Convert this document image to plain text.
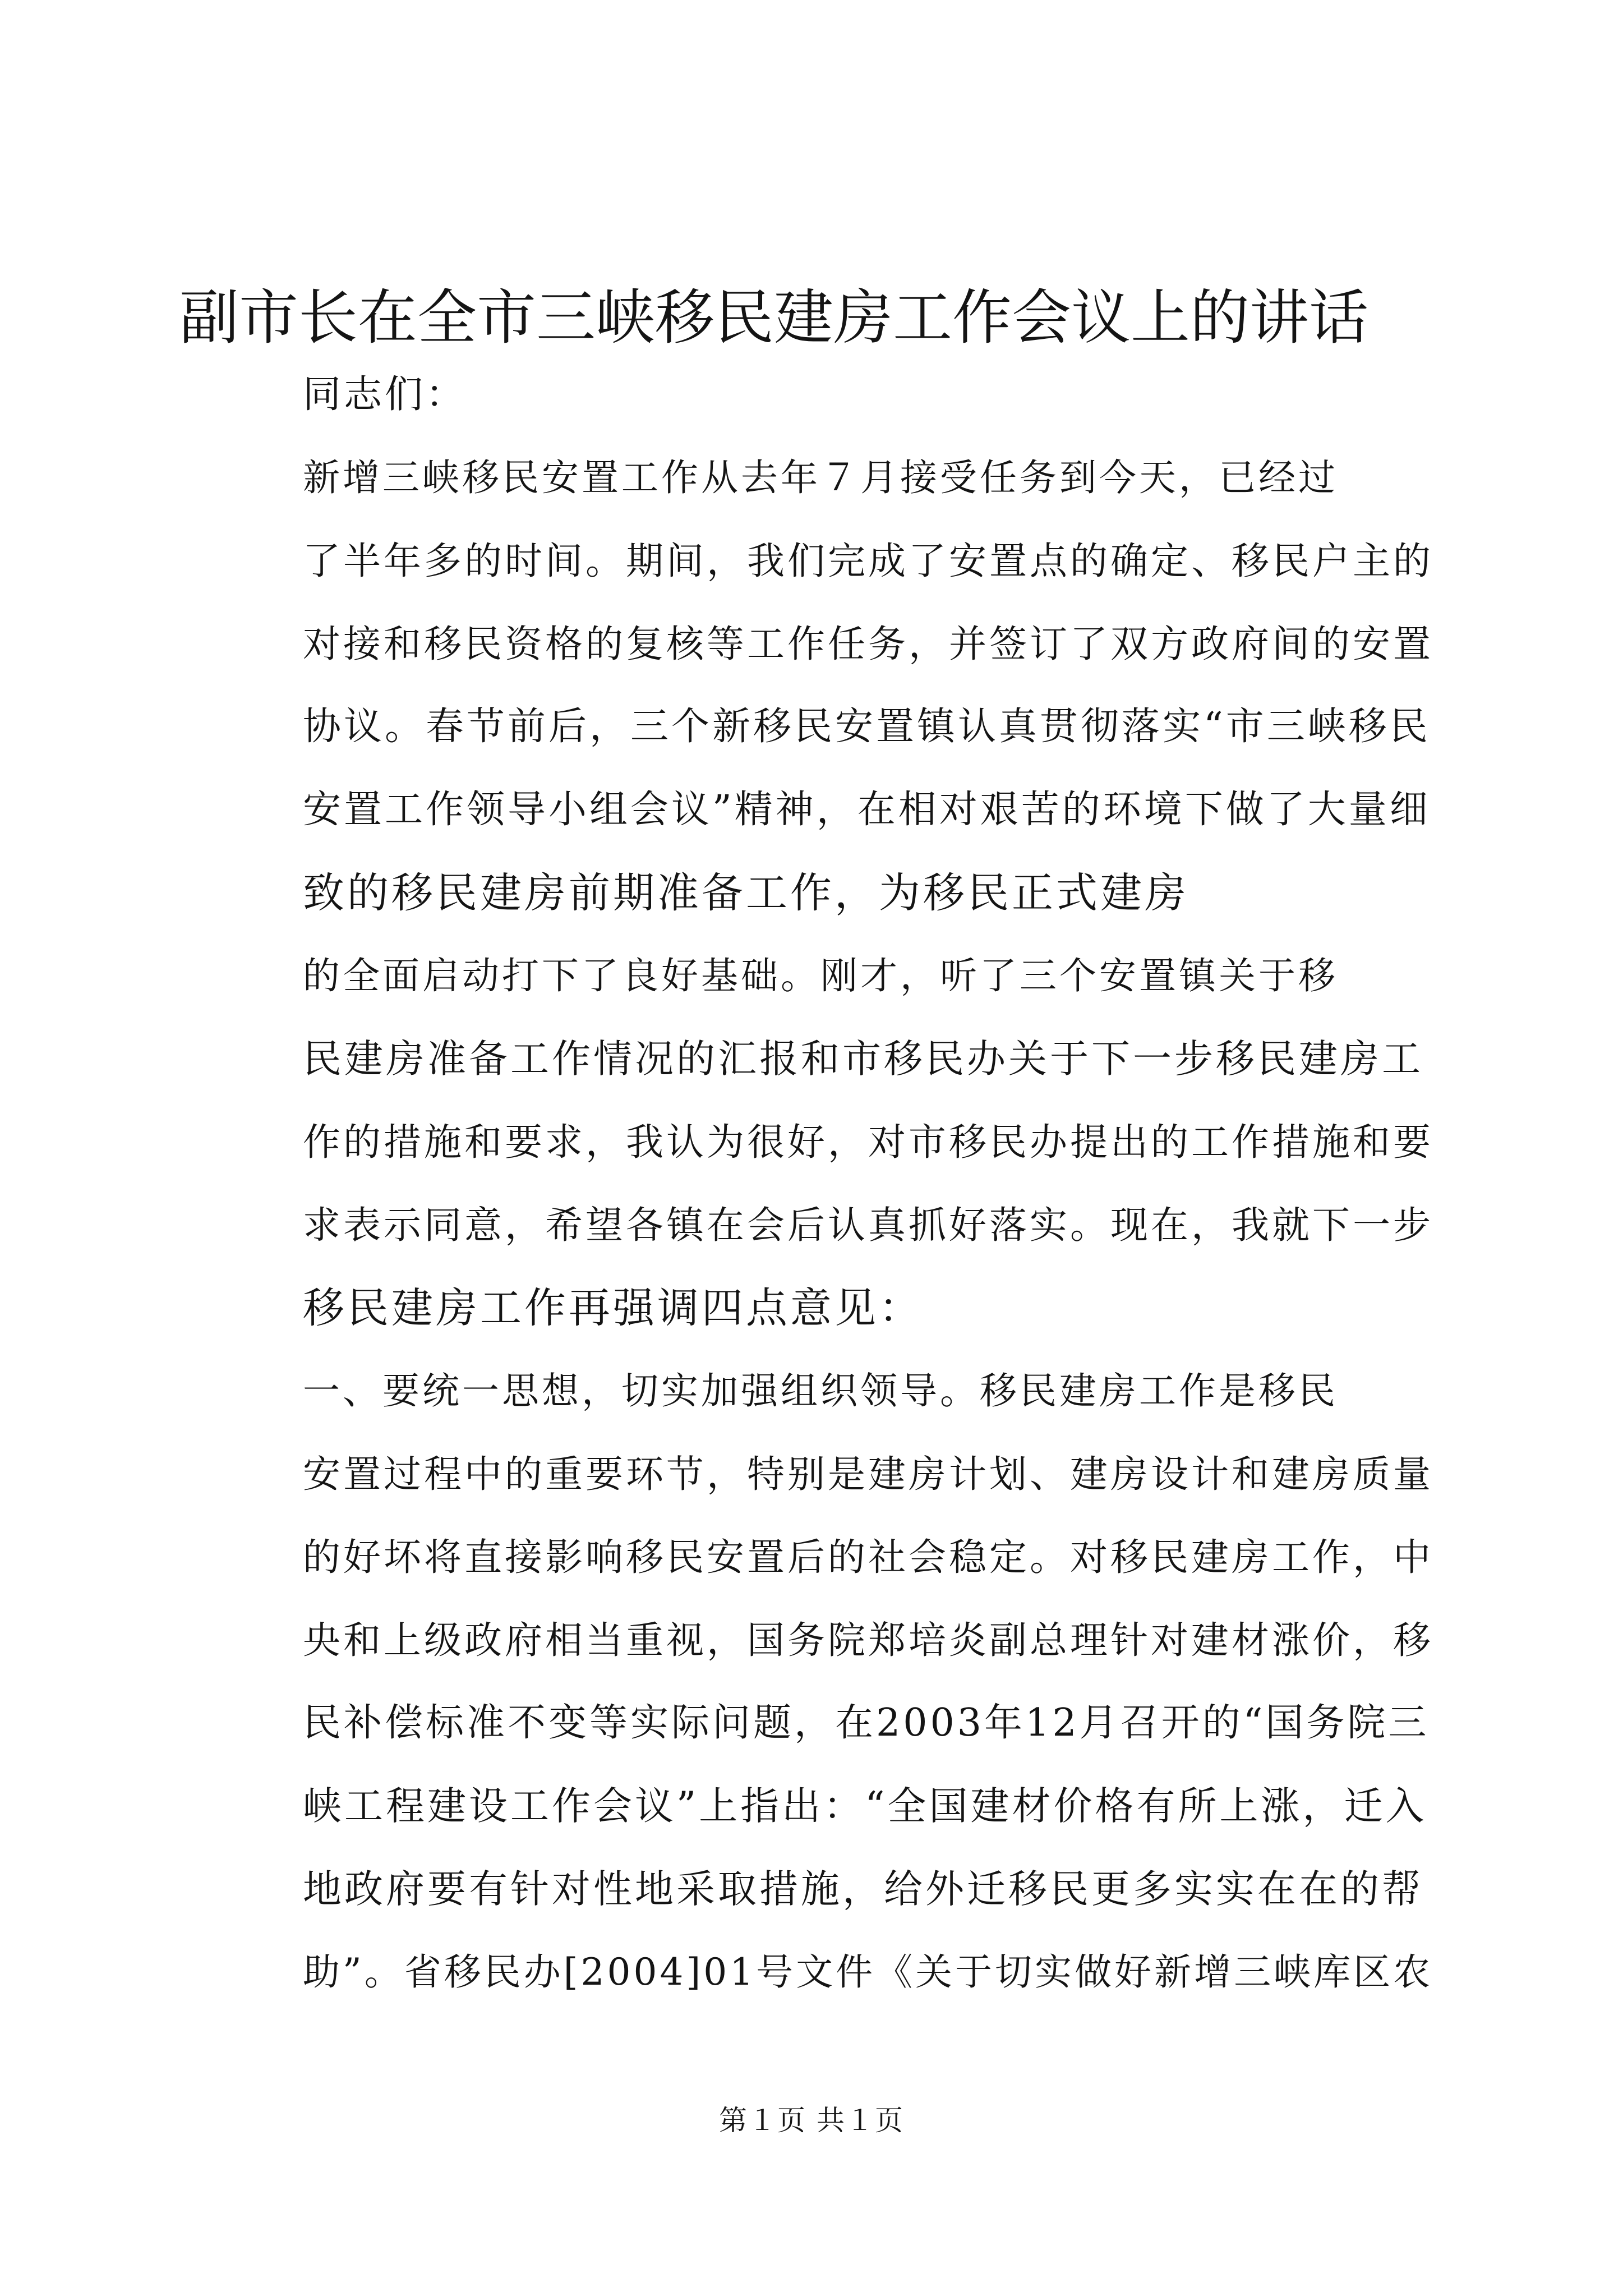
副市长在全市三峡移民建房工作会议上的讲话

同志们：

新增三峡移民安置工作从去年７月接受任务到今天，已经过
了半年多的时间。期间，我们完成了安置点的确定、移民户主的
对接和移民资格的复核等工作任务，并签订了双方政府间的安置
协议。春节前后，三个新移民安置镇认真贯彻落实“市三峡移民
安置工作领导小组会议”精神，在相对艰苦的环境下做了大量细
致的移民建房前期准备工作，为移民正式建房

的全面启动打下了良好基础。刚才，听了三个安置镇关于移
民建房准备工作情况的汇报和市移民办关于下一步移民建房工
作的措施和要求，我认为很好，对市移民办提出的工作措施和要
求表示同意，希望各镇在会后认真抓好落实。现在，我就下一步
移民建房工作再强调四点意见：

一、要统一思想，切实加强组织领导。移民建房工作是移民
安置过程中的重要环节，特别是建房计划、建房设计和建房质量
的好坏将直接影响移民安置后的社会稳定。对移民建房工作，中
央和上级政府相当重视，国务院郑培炎副总理针对建材涨价，移
民补偿标准不变等实际问题，在2003年12月召开的“国务院三
峡工程建设工作会议”上指出：“全国建材价格有所上涨，迁入
地政府要有针对性地采取措施，给外迁移民更多实实在在的帮
助”。省移民办[2004]01号文件《关于切实做好新增三峡库区农

第１页 共１页
